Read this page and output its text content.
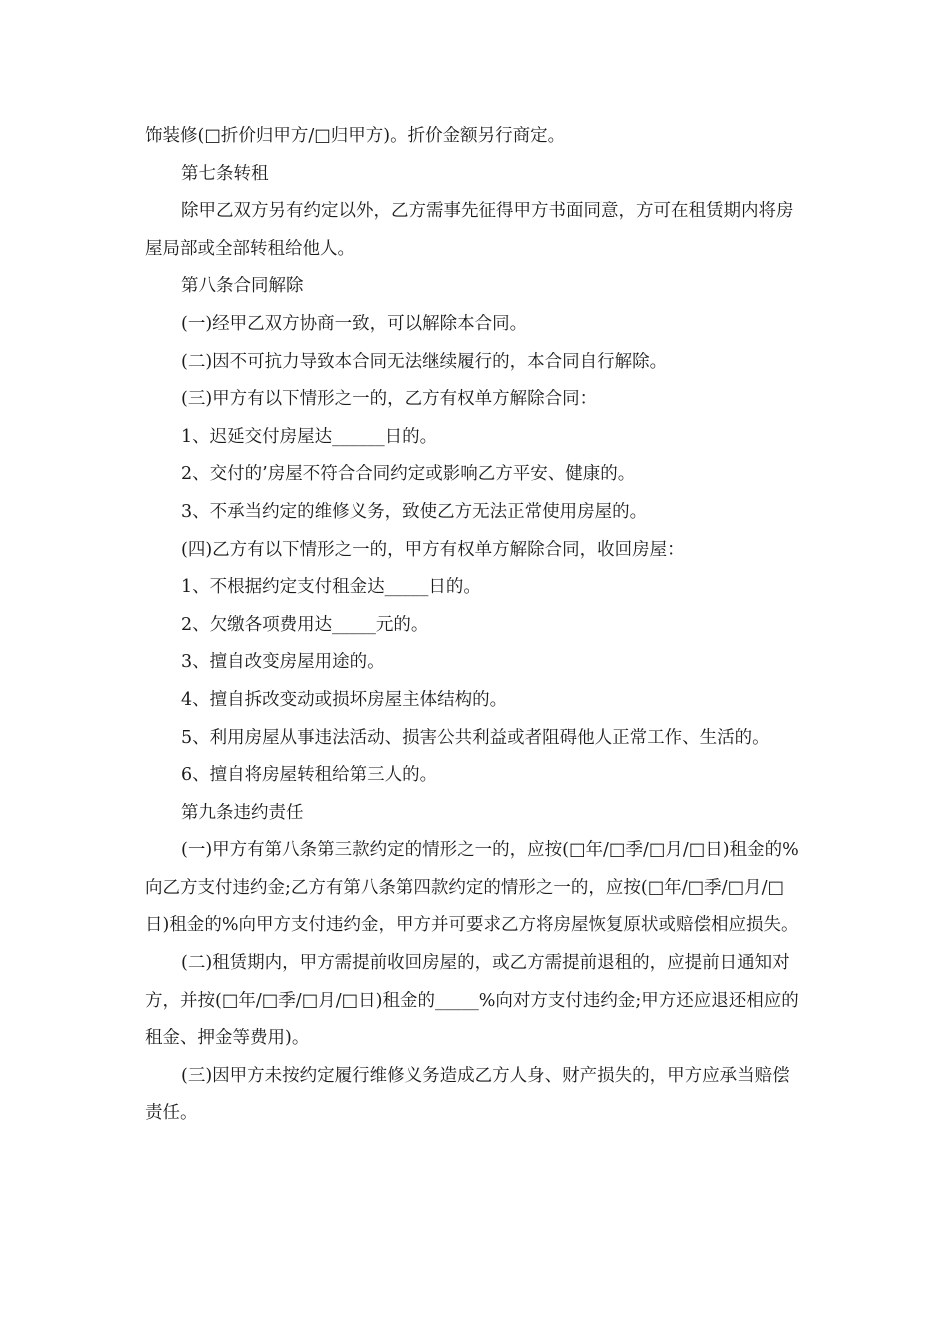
饰装修(□折价归甲方/□归甲方)。折价金额另行商定。

第七条转租

除甲乙双方另有约定以外，乙方需事先征得甲方书面同意，方可在租赁期内将房屋局部或全部转租给他人。

第八条合同解除

(一)经甲乙双方协商一致，可以解除本合同。

(二)因不可抗力导致本合同无法继续履行的，本合同自行解除。

(三)甲方有以下情形之一的，乙方有权单方解除合同：

1、迟延交付房屋达______日的。

2、交付的’房屋不符合合同约定或影响乙方平安、健康的。

3、不承当约定的维修义务，致使乙方无法正常使用房屋的。

(四)乙方有以下情形之一的，甲方有权单方解除合同，收回房屋：

1、不根据约定支付租金达_____日的。

2、欠缴各项费用达_____元的。

3、擅自改变房屋用途的。

4、擅自拆改变动或损坏房屋主体结构的。

5、利用房屋从事违法活动、损害公共利益或者阻碍他人正常工作、生活的。

6、擅自将房屋转租给第三人的。

第九条违约责任

(一)甲方有第八条第三款约定的情形之一的，应按(□年/□季/□月/□日)租金的%向乙方支付违约金;乙方有第八条第四款约定的情形之一的，应按(□年/□季/□月/□日)租金的%向甲方支付违约金，甲方并可要求乙方将房屋恢复原状或赔偿相应损失。

(二)租赁期内，甲方需提前收回房屋的，或乙方需提前退租的，应提前日通知对方，并按(□年/□季/□月/□日)租金的_____%向对方支付违约金;甲方还应退还相应的租金、押金等费用)。

(三)因甲方未按约定履行维修义务造成乙方人身、财产损失的，甲方应承当赔偿责任。
